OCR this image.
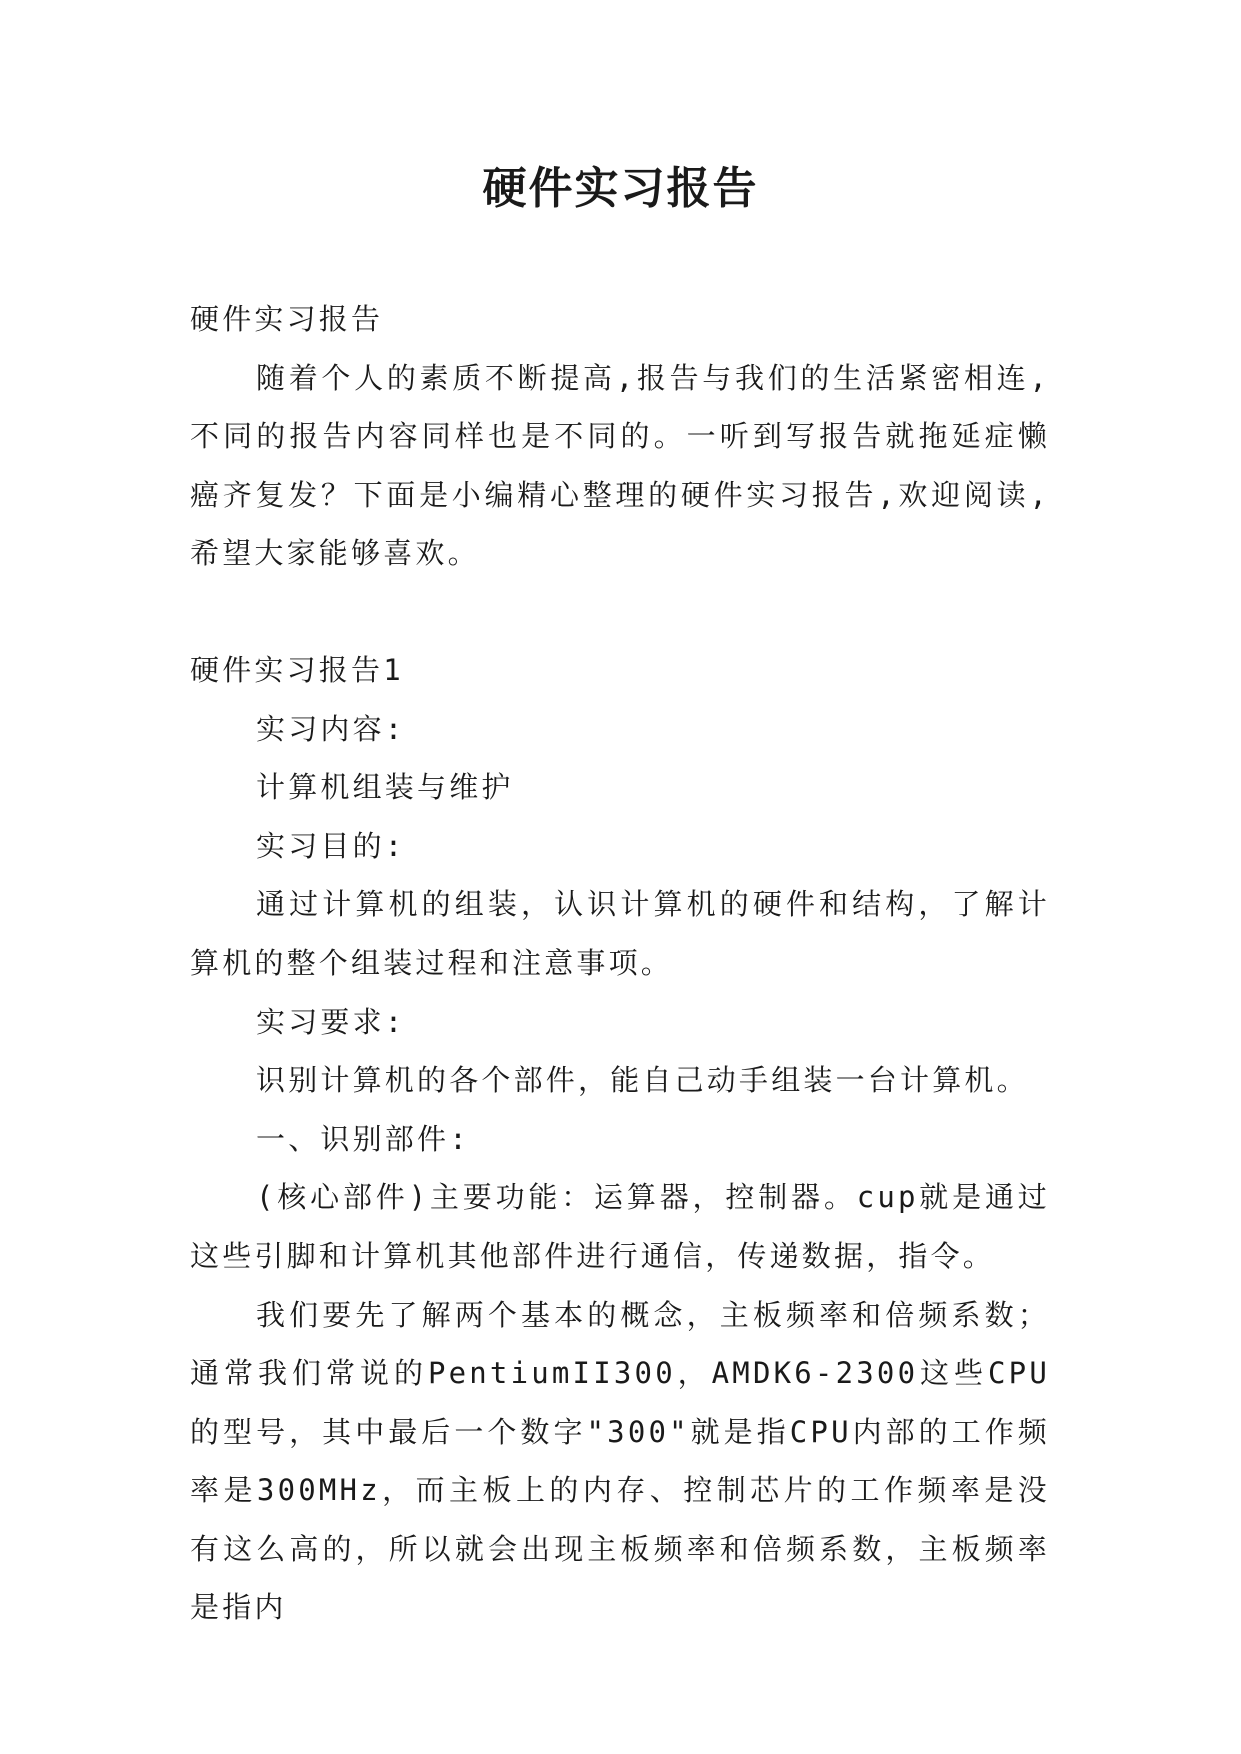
硬件实习报告

硬件实习报告

随着个人的素质不断提高,报告与我们的生活紧密相连,不同的报告内容同样也是不同的。一听到写报告就拖延症懒癌齐复发？下面是小编精心整理的硬件实习报告,欢迎阅读,希望大家能够喜欢。

硬件实习报告1

实习内容:

计算机组装与维护

实习目的:

通过计算机的组装，认识计算机的硬件和结构，了解计算机的整个组装过程和注意事项。

实习要求:

识别计算机的各个部件，能自己动手组装一台计算机。

一、识别部件:

(核心部件)主要功能：运算器，控制器。cup就是通过这些引脚和计算机其他部件进行通信，传递数据，指令。

我们要先了解两个基本的概念，主板频率和倍频系数；通常我们常说的PentiumII300，AMDK6-2300这些CPU的型号，其中最后一个数字"300"就是指CPU内部的工作频率是300MHz，而主板上的内存、控制芯片的工作频率是没有这么高的，所以就会出现主板频率和倍频系数，主板频率是指内
